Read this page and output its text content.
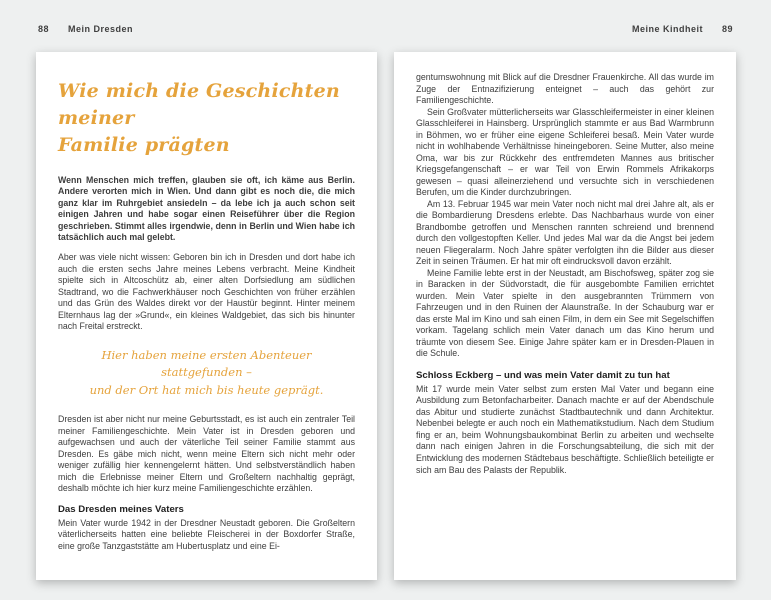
88 Mein Dresden	Meine Kindheit 89
Wie mich die Geschichten meiner
Familie prägten

Wenn Menschen mich treffen, glauben sie oft, ich käme aus Berlin. Andere verorten mich in Wien. Und dann gibt es noch die, die mich ganz klar im Ruhrgebiet ansiedeln – da lebe ich ja auch schon seit einigen Jahren und habe sogar einen Reiseführer über die Region geschrieben. Stimmt alles irgendwie, denn in Berlin und Wien habe ich tatsächlich auch mal gelebt.

Aber was viele nicht wissen: Geboren bin ich in Dresden und dort habe ich auch die ersten sechs Jahre meines Lebens verbracht. Meine Kindheit spielte sich in Altcoschütz ab, einer alten Dorfsiedlung am südlichen Stadtrand, wo die Fachwerkhäuser noch Geschichten von früher erzählen und das Grün des Waldes direkt vor der Haustür beginnt. Hinter meinem Elternhaus lag der »Grund«, ein kleines Waldgebiet, das sich bis hinunter nach Freital erstreckt.

Hier haben meine ersten Abenteuer stattgefunden –
und der Ort hat mich bis heute geprägt.

Dresden ist aber nicht nur meine Geburtsstadt, es ist auch ein zentraler Teil meiner Familiengeschichte. Mein Vater ist in Dresden geboren und aufgewachsen und auch der väterliche Teil seiner Familie stammt aus Dresden. Es gäbe mich nicht, wenn meine Eltern sich nicht mehr oder weniger zufällig hier kennengelernt hätten. Und selbstverständlich haben mich die Erlebnisse meiner Eltern und Großeltern nachhaltig geprägt, deshalb möchte ich hier kurz meine Familiengeschichte erzählen.

Das Dresden meines Vaters

Mein Vater wurde 1942 in der Dresdner Neustadt geboren. Die Großeltern väterlicherseits hatten eine beliebte Fleischerei in der Boxdorfer Straße, eine große Tanzgaststätte am Hubertusplatz und eine Ei-

gentumswohnung mit Blick auf die Dresdner Frauenkirche. All das wurde im Zuge der Entnazifizierung enteignet – auch das gehört zur Familiengeschichte.

Sein Großvater mütterlicherseits war Glasschleifermeister in einer kleinen Glasschleiferei in Hainsberg. Ursprünglich stammte er aus Bad Warmbrunn in Böhmen, wo er früher eine eigene Schleiferei besaß. Mein Vater wurde nicht in wohlhabende Verhältnisse hineingeboren. Seine Mutter, also meine Oma, war bis zur Rückkehr des entfremdeten Mannes aus britischer Kriegsgefangenschaft – er war Teil von Erwin Rommels Afrikakorps gewesen – quasi alleinerziehend und versuchte sich in verschiedenen Berufen, um die Kinder durchzubringen.

Am 13. Februar 1945 war mein Vater noch nicht mal drei Jahre alt, als er die Bombardierung Dresdens erlebte. Das Nachbarhaus wurde von einer Brandbombe getroffen und Menschen rannten schreiend und brennend durch den vollgestopften Keller. Und jedes Mal war da die Angst bei jedem neuen Fliegeralarm. Noch Jahre später verfolgten ihn die Bilder aus dieser Zeit in seinen Träumen. Er hat mir oft eindrucksvoll davon erzählt.

Meine Familie lebte erst in der Neustadt, am Bischofsweg, später zog sie in Baracken in der Südvorstadt, die für ausgebombte Familien errichtet wurden. Mein Vater spielte in den ausgebrannten Trümmern von Fahrzeugen und in den Ruinen der Alaunstraße. In der Schauburg war er das erste Mal im Kino und sah einen Film, in dem ein See mit Segelschiffen vorkam. Tagelang schlich mein Vater danach um das Kino herum und träumte von diesem See. Einige Jahre später kam er in Dresden-Plauen in die Schule.

Schloss Eckberg – und was mein Vater damit zu tun hat

Mit 17 wurde mein Vater selbst zum ersten Mal Vater und begann eine Ausbildung zum Betonfacharbeiter. Danach machte er auf der Abendschule das Abitur und studierte zunächst Stadtbautechnik und dann Architektur. Nebenbei belegte er auch noch ein Mathematikstudium. Nach dem Studium fing er an, beim Wohnungsbaukombinat Berlin zu arbeiten und wechselte dann nach einigen Jahren in die Forschungsabteilung, die sich mit der Entwicklung des modernen Städtebaus beschäftigte. Schließlich beteiligte er sich am Bau des Palasts der Republik.
